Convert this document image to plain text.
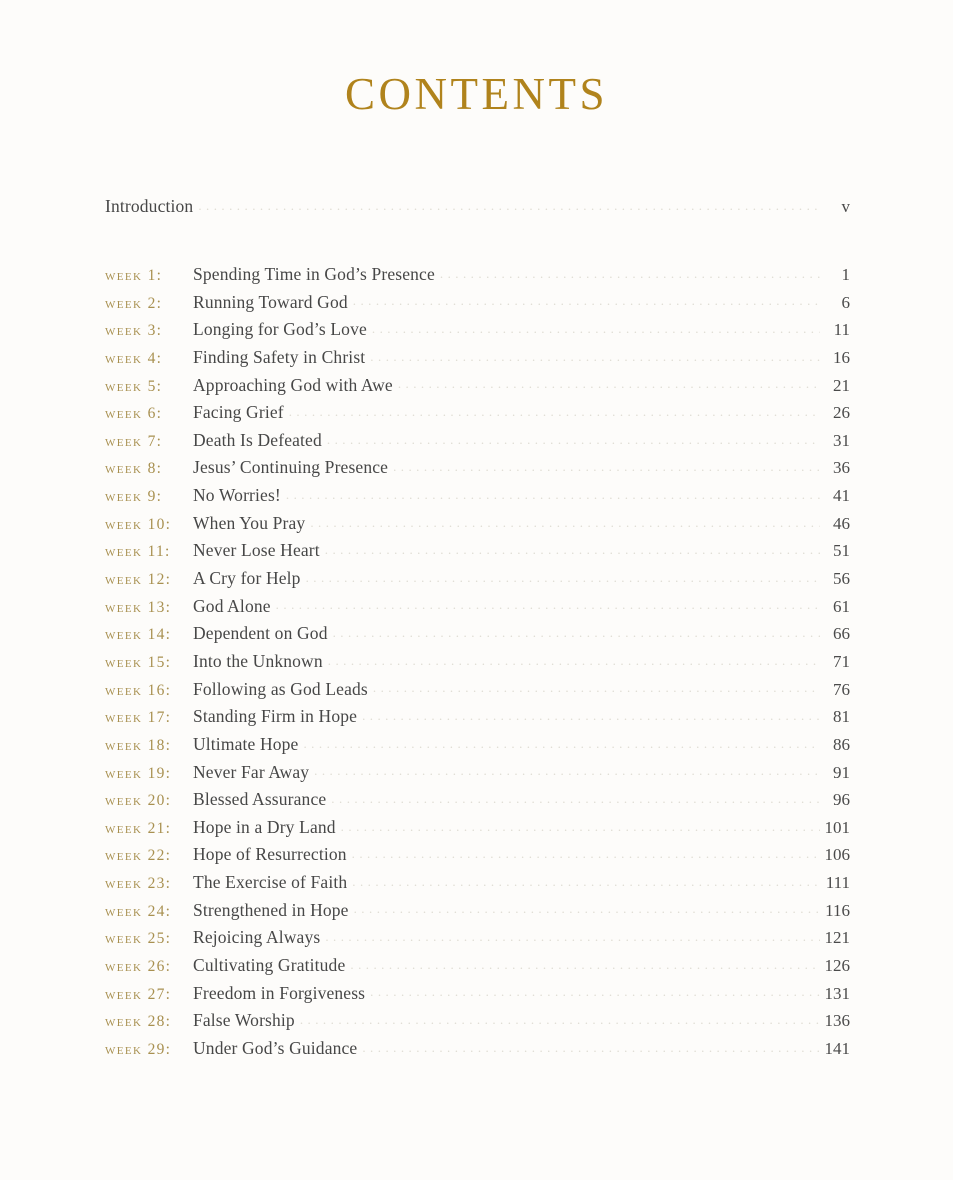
CONTENTS
Introduction . . .	v
week 1:	Spending Time in God’s Presence . . .	1
week 2:	Running Toward God . . .	6
week 3:	Longing for God’s Love . . .	11
week 4:	Finding Safety in Christ . . .	16
week 5:	Approaching God with Awe . . .	21
week 6:	Facing Grief . . .	26
week 7:	Death Is Defeated . . .	31
week 8:	Jesus’ Continuing Presence . . .	36
week 9:	No Worries! . . .	41
week 10:	When You Pray . . .	46
week 11:	Never Lose Heart . . .	51
week 12:	A Cry for Help . . .	56
week 13:	God Alone . . .	61
week 14:	Dependent on God . . .	66
week 15:	Into the Unknown . . .	71
week 16:	Following as God Leads . . .	76
week 17:	Standing Firm in Hope . . .	81
week 18:	Ultimate Hope . . .	86
week 19:	Never Far Away . . .	91
week 20:	Blessed Assurance . . .	96
week 21:	Hope in a Dry Land . . .	101
week 22:	Hope of Resurrection . . .	106
week 23:	The Exercise of Faith . . .	111
week 24:	Strengthened in Hope . . .	116
week 25:	Rejoicing Always . . .	121
week 26:	Cultivating Gratitude . . .	126
week 27:	Freedom in Forgiveness . . .	131
week 28:	False Worship . . .	136
week 29:	Under God’s Guidance . . .	141
